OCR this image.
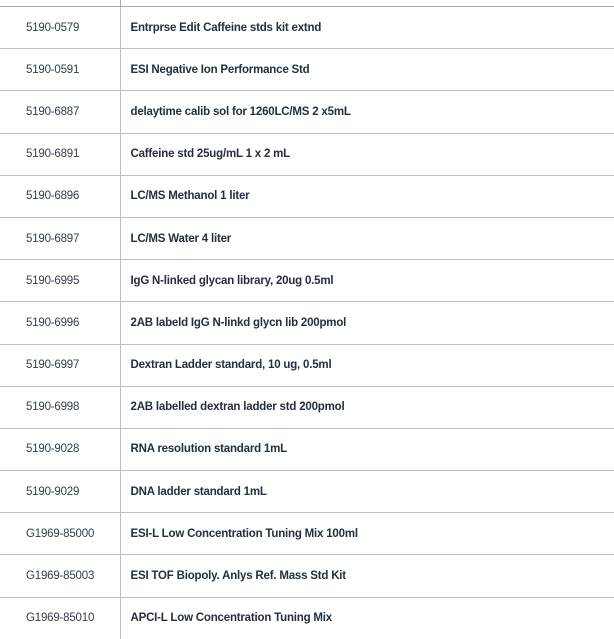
5190-0579	Entrprse Edit Caffeine stds kit extnd
5190-0591	ESI Negative Ion Performance Std
5190-6887	delaytime calib sol for 1260LC/MS 2 x5mL
5190-6891	Caffeine std 25ug/mL 1 x 2 mL
5190-6896	LC/MS Methanol 1 liter
5190-6897	LC/MS Water 4 liter
5190-6995	IgG N-linked glycan library, 20ug 0.5ml
5190-6996	2AB labeld IgG N-linkd glycn lib 200pmol
5190-6997	Dextran Ladder standard, 10 ug, 0.5ml
5190-6998	2AB labelled dextran ladder std 200pmol
5190-9028	RNA resolution standard 1mL
5190-9029	DNA ladder standard 1mL
G1969-85000	ESI-L Low Concentration Tuning Mix 100ml
G1969-85003	ESI TOF Biopoly. Anlys Ref. Mass Std Kit
G1969-85010	APCI-L Low Concentration Tuning Mix
